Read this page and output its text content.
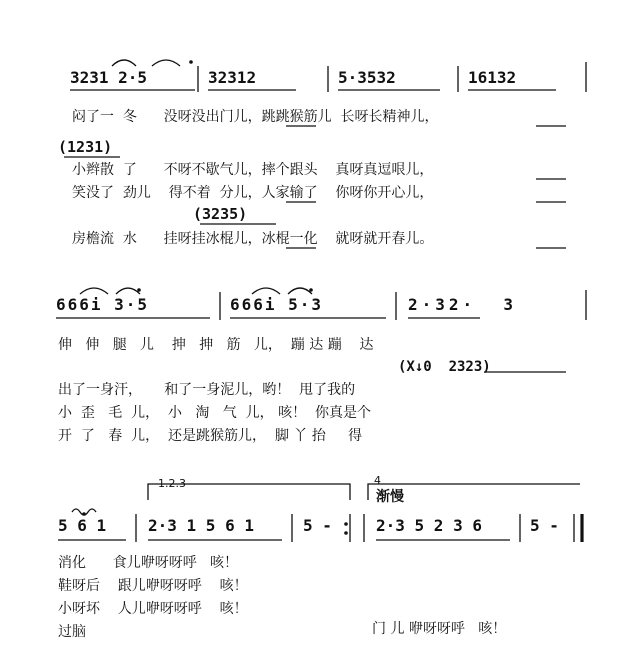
3231 2·5	32312	5·3532	16132
闷了一  冬      没呀没出门儿，跳跳猴筋儿  长呀长精神儿，
(1231)
小辫散  了      不呀不歇气儿，摔个跟头    真呀真逗哏儿，
笑没了  劲儿    得不着  分儿，人家输了    你呀你开心儿，
(3235)
房檐流  水      挂呀挂冰棍儿，冰棍一化    就呀就开春儿。
666i 3·5	666i 5·3	2·32·  3
伸   伸   腿   儿    抻   抻   筋   儿，  蹦 达 蹦    达
(X↓0  2323)
出了一身汗，     和了一身泥儿，哟！  甩了我的
小  歪   毛  儿，  小   淘   气  儿， 咳！  你真是个
开  了   春  儿，  还是跳猴筋儿，  脚 丫 抬     得
1.2.3	4
渐慢
5 6 1	2·3 1 5 6 1	5 - 2·3 5 2 3 6	5 -
消化      食儿咿呀呀呼   咳！
鞋呀后    跟儿咿呀呀呼    咳！
小呀坏    人儿咿呀呀呼    咳！
过脑	门 儿 咿呀呀呼   咳！
